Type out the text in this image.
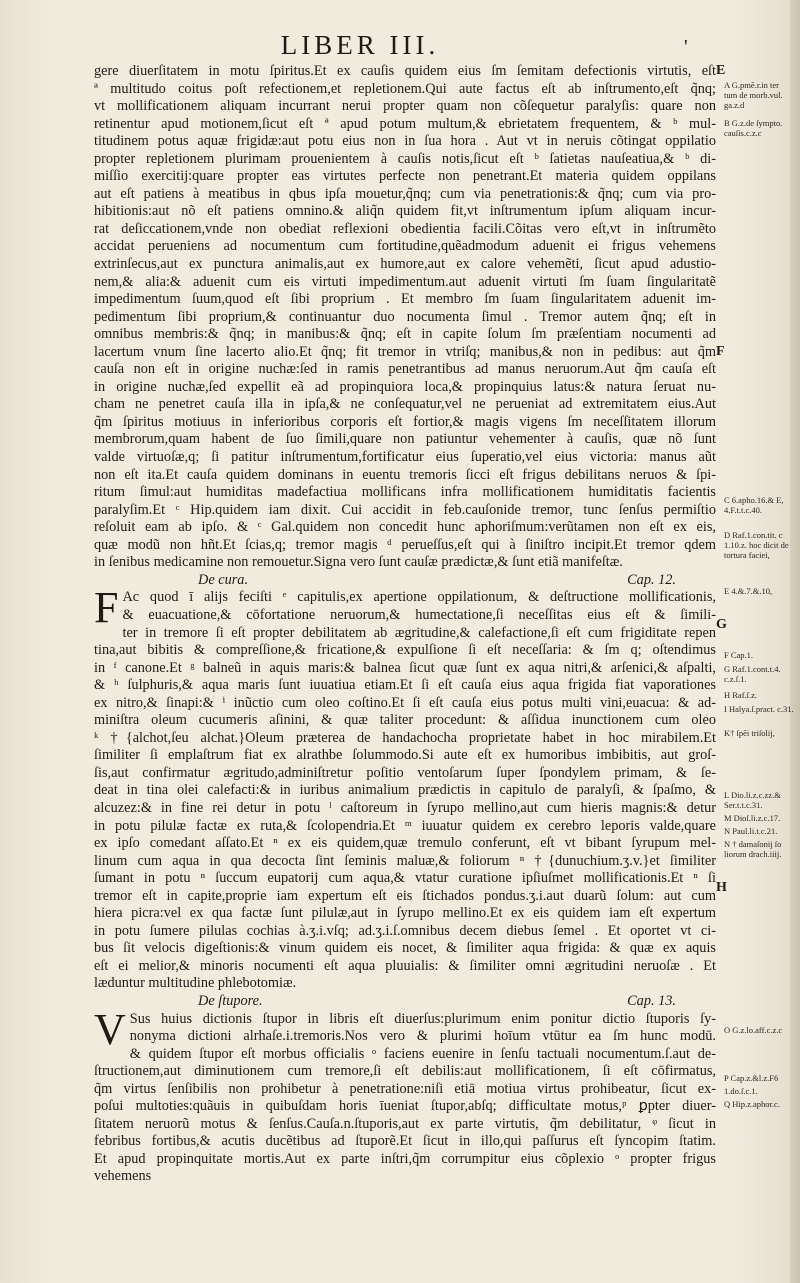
LIBER III.	'
gere diuerſitatem in motu ſpiritus.Et ex cauſis quidem eius ſm ſemitam defectionis virtutis, eſt
ª multitudo coitus poſt refectionem,et repletionem.Qui aute factus eſt ab inſtrumento,eſt q̃nq;
vt mollificationem aliquam incurrant nerui propter quam non cõſequetur paralyſis: quare non
retinentur apud motionem,ſicut eſt ª apud potum multum,& ebrietatem frequentem, & ᵇ mul-
titudinem potus aquæ frigidæ:aut potu eius non in ſua hora . Aut vt in neruis cõtingat oppilatio
propter repletionem plurimam prouenientem à cauſis notis,ſicut eſt ᵇ ſatietas nauſeatiua,& ᵇ di-
miſſio exercitij:quare propter eas virtutes perfecte non penetrant.Et materia quidem oppilans
aut eſt patiens à meatibus in qbus ipſa mouetur,q̃nq; cum via penetrationis:& q̃nq; cum via pro-
hibitionis:aut nõ eſt patiens omnino.& aliq̃n quidem fit,vt inſtrumentum ipſum aliquam incur-
rat deſiccationem,vnde non obediat reflexioni obedientia facili.Cõitas vero eſt,vt in inſtrumẽto
accidat perueniens ad nocumentum cum fortitudine,quẽadmodum aduenit ei frigus vehemens
extrinſecus,aut ex punctura animalis,aut ex humore,aut ex calore vehemẽti, ſicut apud adustio-
nem,& alia:& aduenit cum eis virtuti impedimentum.aut aduenit virtuti ſm ſuam ſingularitatẽ
impedimentum ſuum,quod eſt ſibi proprium . Et membro ſm ſuam ſingularitatem aduenit im-
pedimentum ſibi proprium,& continuantur duo nocumenta ſimul . Tremor autem q̃nq; eſt in
omnibus membris:& q̃nq; in manibus:& q̃nq; eſt in capite ſolum ſm præſentiam nocumenti ad
lacertum vnum ſine lacerto alio.Et q̃nq; fit tremor in vtriſq; manibus,& non in pedibus: aut q̃m
cauſa non eſt in origine nuchæ:ſed in ramis penetrantibus ad manus neruorum.Aut q̃m cauſa eſt
in origine nuchæ,ſed expellit eã ad propinquiora loca,& propinquius latus:& natura ſeruat nu-
cham ne penetret cauſa illa in ipſa,& ne conſequatur,vel ne perueniat ad extremitatem eius.Aut
q̃m ſpiritus motiuus in inferioribus corporis eſt fortior,& magis vigens ſm neceſſitatem illorum
membrorum,quam habent de ſuo ſimili,quare non patiuntur vehementer à cauſis, quæ nõ ſunt
valde virtuoſæ,q; ſi patitur inſtrumentum,fortificatur eius ſuperatio,vel eius victoria: manus aũt
non eſt ita.Et cauſa quidem dominans in euentu tremoris ſicci eſt frigus debilitans neruos & ſpi-
ritum ſimul:aut humiditas madefactiua mollificans infra mollificationem humiditatis facientis
paralyſim.Et ᶜ Hip.quidem iam dixit. Cui accidit in feb.cauſonide tremor, tunc ſenſus permiſtio
reſoluit eam ab ipſo. & ᶜ Gal.quidem non concedit hunc aphoriſmum:verũtamen non eſt ex eis,
quæ modũ non hñt.Et ſcias,q; tremor magis ᵈ perueſſus,eſt qui à ſiniſtro incipit.Et tremor qdem
in ſenibus medicamine non remouetur.Signa vero ſunt cauſæ prædictæ,& ſunt etiã manifeſtæ.
De cura.	Cap. 12.
F Ac quod ī alijs feciſti ᵉ capitulis,ex apertione oppilationum, & deſtructione mollificationis,
& euacuatione,& cōfortatione neruorum,& humectatione,ſi neceſſitas eius eſt & ſimili-
ter in tremore ſi eſt propter debilitatem ab ægritudine,& calefactione,ſi eſt cum frigiditate repen
tina,aut bibitis & compreſſione,& fricatione,& expulſione ſi eſt neceſſaria: & ſm q; oſtendimus
in ᶠ canone.Et ᵍ balneũ in aquis maris:& balnea ſicut quæ ſunt ex aqua nitri,& arſenici,& aſpalti,
& ʰ ſulphuris,& aqua maris ſunt iuuatiua etiam.Et ſi eſt cauſa eius aqua frigida fiat vaporationes
ex nitro,& ſinapi:& ⁱ inũctio cum oleo coſtino.Et ſi eſt cauſa eius potus multi vini,euacua: & ad-
miniſtra oleum cucumeris aſinini, & quæ taliter procedunt: & aſſidua inunctionem cum oleo
ᵏ †{alchot,ſeu alchat.}Oleum præterea de handachocha proprietate habet in hoc mirabilem.Et
ſimiliter ſi emplaſtrum fiat ex alrathbe ſolummodo.Si aute eſt ex humoribus imbibitis, aut groſ-
ſis,aut confirmatur ægritudo,adminiſtretur poſitio ventoſarum ſuper ſpondylem primam, & ſe-
deat in tina olei calefacti:& in iuribus animalium prædictis in capitulo de paralyſi, & ſpaſmo, &
alcuzez:& in fine rei detur in potu ˡ caſtoreum in ſyrupo mellino,aut cum hieris magnis:& detur
in potu pilulæ factæ ex ruta,& ſcolopendria.Et ᵐ iuuatur quidem ex cerebro leporis valde,quare
ex ipſo comedant aſſato.Et ⁿ ex eis quidem,quæ tremulo conferunt, eſt vt bibant ſyrupum mel-
linum cum aqua in qua decocta ſint ſeminis maluæ,& foliorum ⁿ †{dunuchium.ʒ.v.}et ſimiliter
ſumant in potu ⁿ ſuccum eupatorij cum aqua,& vtatur curatione ipſiuſmet mollificationis.Et ⁿ ſi
tremor eſt in capite,proprie iam expertum eſt eis ſtichados pondus.ʒ.i.aut duarũ ſolum: aut cum
hiera picra:vel ex qua factæ ſunt pilulæ,aut in ſyrupo mellino.Et ex eis quidem iam eſt expertum
in potu ſumere pilulas cochias à.ʒ.i.vſq; ad.ʒ.i.ſ.omnibus decem diebus ſemel . Et oportet vt ci-
bus ſit velocis digeſtionis:& vinum quidem eis nocet, & ſimiliter aqua frigida: & quæ ex aquis
eſt ei melior,& minoris nocumenti eſt aqua pluuialis: & ſimiliter omni ægritudini neruoſæ . Et
læduntur multitudine phlebotomiæ.
De ſtupore.	Cap. 13.
V Sus huius dictionis ſtupor in libris eſt diuerſus:plurimum enim ponitur dictio ſtuporis ſy-
nonyma dictioni alrhaſe.i.tremoris.Nos vero & plurimi hoīum vtūtur ea ſm hunc modū.
& quidem ſtupor eſt morbus officialis ᵒ faciens euenire in ſenſu tactuali nocumentum.ſ.aut de-
ſtructionem,aut diminutionem cum tremore,ſi eſt debilis:aut mollificationem, ſi eſt cōfirmatus,
q̃m virtus ſenſibilis non prohibetur à penetratione:niſi etiā motiua virtus prohibeatur, ſicut ex-
poſui multoties:quãuis in quibuſdam horis īueniat ſtupor,abſq; difficultate motus,ᵖ ꝑpter diuer-
ſitatem neruorũ motus & ſenſus.Cauſa.n.ſtuporis,aut ex parte virtutis, q̃m debilitatur, ᵠ ſicut in
febribus fortibus,& acutis ducẽtibus ad ſtuporẽ.Et ſicut in illo,qui paſſurus eſt ſyncopim ſtatim.
Et apud propinquitate mortis.Aut ex parte inſtri,q̃m corrumpitur eius cõplexio ᵒ propter frigus
vehemens
E
F
G
H
A G.pmẽ.r.in ter tum de morb.vul. ga.z.d
B G.z.de ſympto. cauſis.c.z.c
C 6.apho.16.& E, 4.F.t.t.c.40.
D Raf.1.con.tit. c 1.10.z. hoc dicit de tortura faciei,
E 4.&.7.&.10,
F Cap.1.
G Raf.1.cont.t.4. c.z.ſ.1.
H Raf.ſ.z.
I Halya.ſ.pract. c.31.
K† ſpẽi triſolij,
L Dio.li.z.c.zz.& Ser.t.t.c.31.
M Dioſ.li.z.c.17.
N Paul.li.t.c.21.
N † damaſonij ſo liorum drach.iiij.
O G.z.lo.aff.c.z.c
P Cap.z.&l.z.F6
1.do.ſ.c.1.
Q Hip.z.aphor.c.
